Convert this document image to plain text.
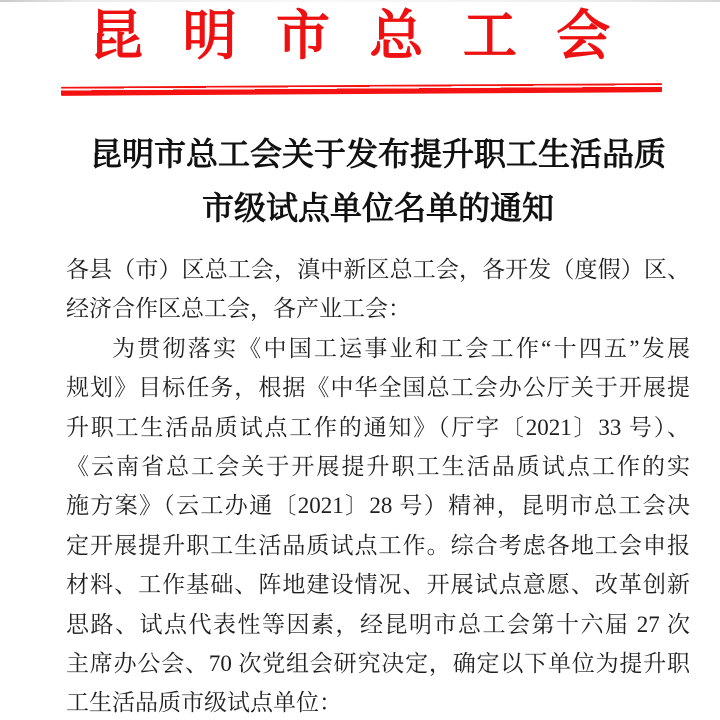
昆明市总工会
昆明市总工会关于发布提升职工生活品质
市级试点单位名单的通知
各县（市）区总工会，滇中新区总工会，各开发（度假）区、
经济合作区总工会，各产业工会：
为贯彻落实《中国工运事业和工会工作“十四五”发展
规划》目标任务，根据《中华全国总工会办公厅关于开展提
升职工生活品质试点工作的通知》（厅字〔2021〕33 号）、
《云南省总工会关于开展提升职工生活品质试点工作的实
施方案》（云工办通〔2021〕28 号）精神，昆明市总工会决
定开展提升职工生活品质试点工作。综合考虑各地工会申报
材料、工作基础、阵地建设情况、开展试点意愿、改革创新
思路、试点代表性等因素，经昆明市总工会第十六届 27 次
主席办公会、70 次党组会研究决定，确定以下单位为提升职
工生活品质市级试点单位：
